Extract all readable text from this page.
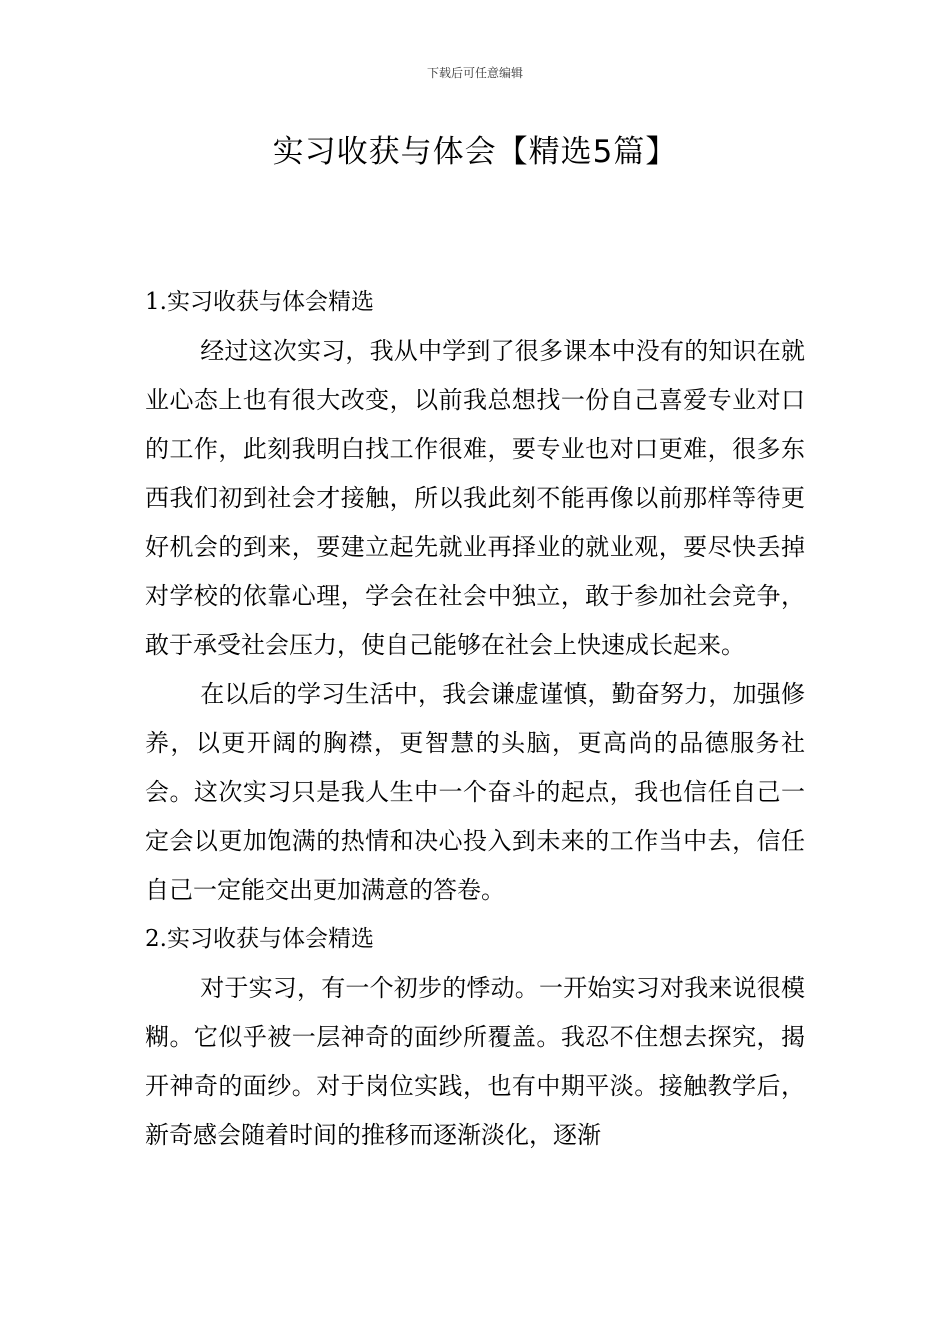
下载后可任意编辑
实习收获与体会【精选5篇】
1.实习收获与体会精选

经过这次实习，我从中学到了很多课本中没有的知识在就业心态上也有很大改变，以前我总想找一份自己喜爱专业对口的工作，此刻我明白找工作很难，要专业也对口更难，很多东西我们初到社会才接触，所以我此刻不能再像以前那样等待更好机会的到来，要建立起先就业再择业的就业观，要尽快丢掉对学校的依靠心理，学会在社会中独立，敢于参加社会竞争，敢于承受社会压力，使自己能够在社会上快速成长起来。

在以后的学习生活中，我会谦虚谨慎，勤奋努力，加强修养，以更开阔的胸襟，更智慧的头脑，更高尚的品德服务社会。这次实习只是我人生中一个奋斗的起点，我也信任自己一定会以更加饱满的热情和决心投入到未来的工作当中去，信任自己一定能交出更加满意的答卷。

2.实习收获与体会精选

对于实习，有一个初步的悸动。一开始实习对我来说很模糊。它似乎被一层神奇的面纱所覆盖。我忍不住想去探究，揭开神奇的面纱。对于岗位实践，也有中期平淡。接触教学后，新奇感会随着时间的推移而逐渐淡化，逐渐
